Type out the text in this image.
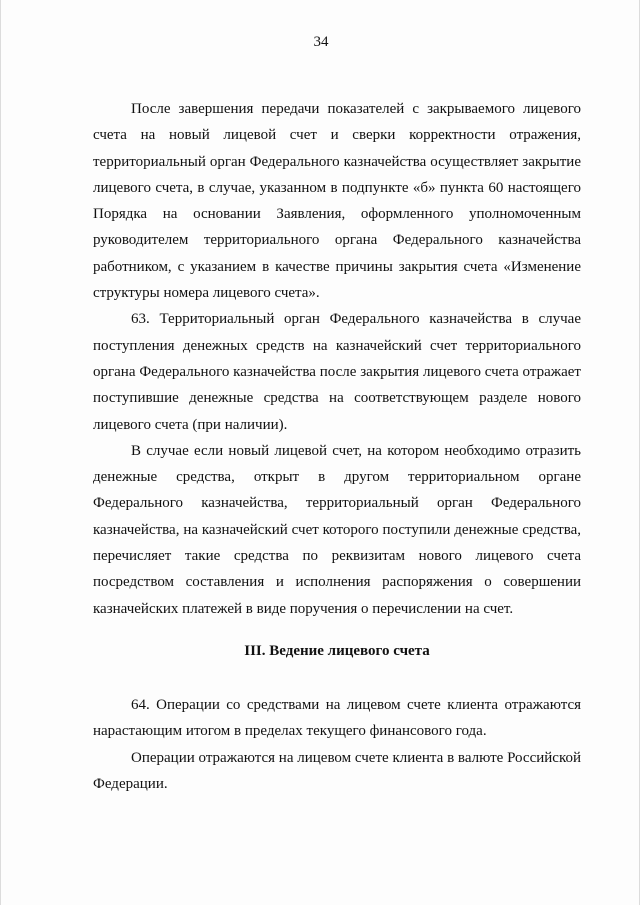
34

После завершения передачи показателей с закрываемого лицевого счета на новый лицевой счет и сверки корректности отражения, территориальный орган Федерального казначейства осуществляет закрытие лицевого счета, в случае, указанном в подпункте «б» пункта 60 настоящего Порядка на основании Заявления, оформленного уполномоченным руководителем территориального органа Федерального казначейства работником, с указанием в качестве причины закрытия счета «Изменение структуры номера лицевого счета».

63. Территориальный орган Федерального казначейства в случае поступления денежных средств на казначейский счет территориального органа Федерального казначейства после закрытия лицевого счета отражает поступившие денежные средства на соответствующем разделе нового лицевого счета (при наличии).

В случае если новый лицевой счет, на котором необходимо отразить денежные средства, открыт в другом территориальном органе Федерального казначейства, территориальный орган Федерального казначейства, на казначейский счет которого поступили денежные средства, перечисляет такие средства по реквизитам нового лицевого счета посредством составления и исполнения распоряжения о совершении казначейских платежей в виде поручения о перечислении на счет.

III. Ведение лицевого счета

64. Операции со средствами на лицевом счете клиента отражаются нарастающим итогом в пределах текущего финансового года.

Операции отражаются на лицевом счете клиента в валюте Российской Федерации.
